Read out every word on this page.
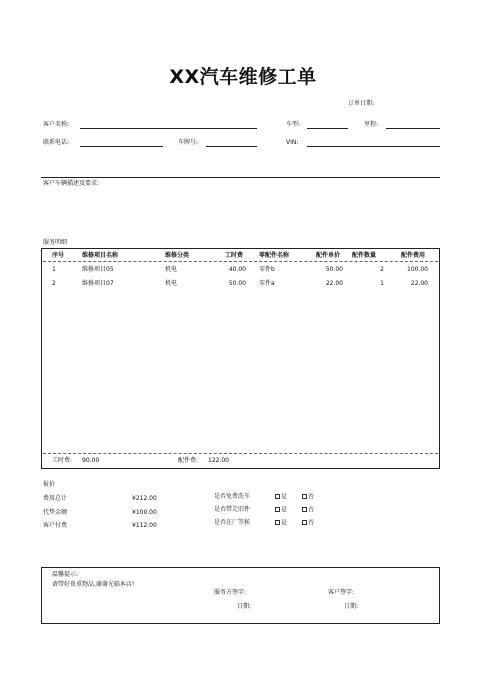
XX汽车维修工单
订单日期:
客户名称:	车型:	里程:
联系电话:	车牌号:	VIN:
客户车辆描述及要求:
服务明细
序号	维修项目名称	维修分类	工时费	零配件名称	配件单价 配件数量	配件费用
1	维修项目05	机电	40.00 零件b	50.00	2	100.00
2	维修项目07	机电	50.00 零件a	22.00	1	22.00
工时费: 90.00	配件费: 122.00
报价
费用总计	¥212.00
代垫金额	¥100.00
客户付费	¥112.00
是否免费洗车	是	否
是否带走旧件	是	否
是否在厂等候	是	否
温馨提示:
请带好贵重物品,谢谢光临本店!
服务方签字:	客户签字:
日期:	日期:
